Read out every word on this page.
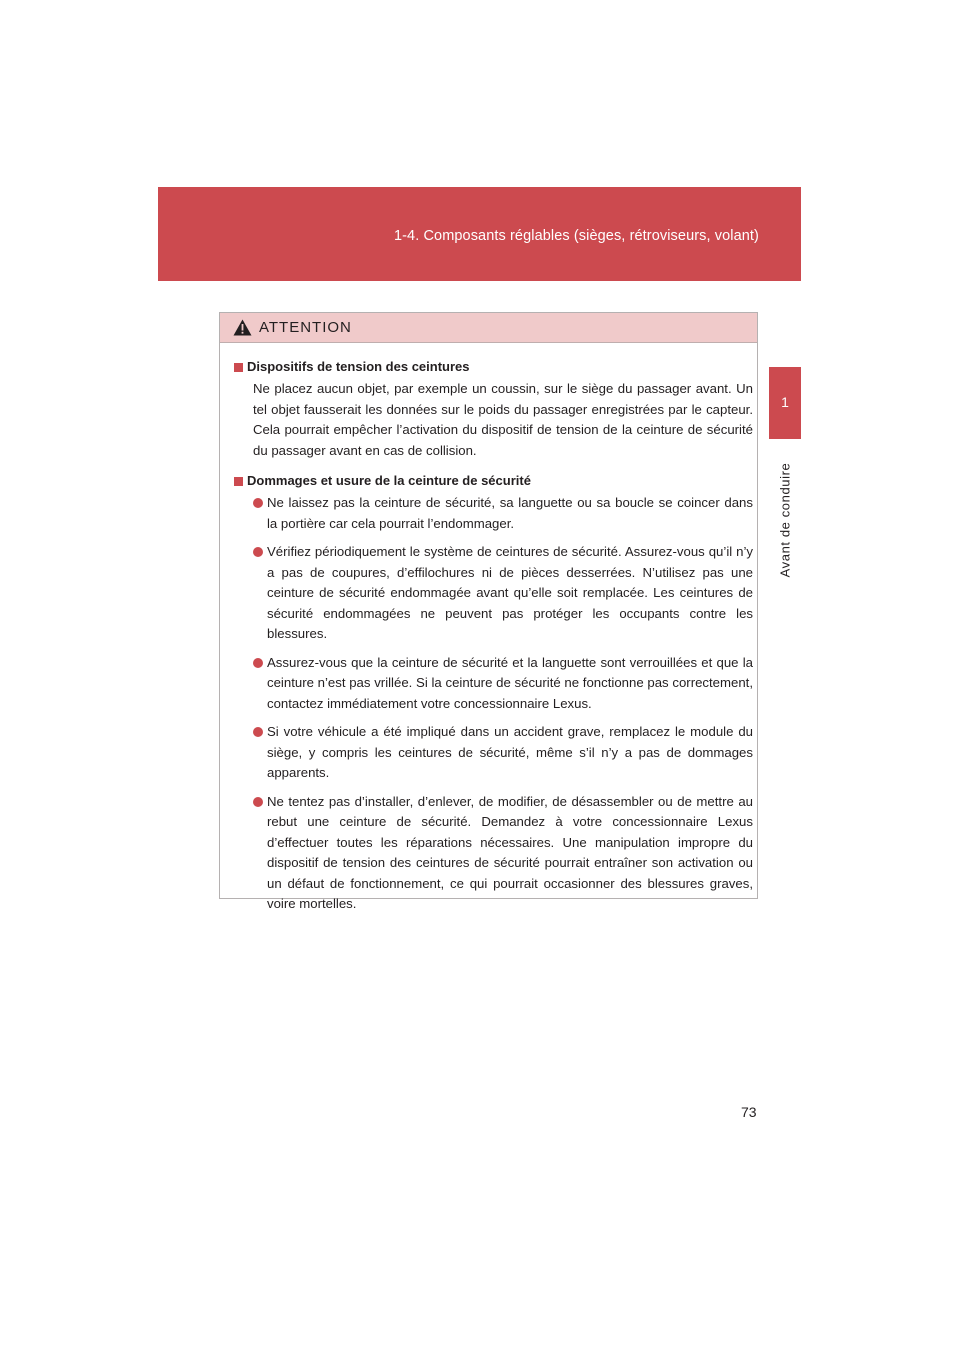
1-4. Composants réglables (sièges, rétroviseurs, volant)
1
Avant de conduire
ATTENTION
Dispositifs de tension des ceintures

Ne placez aucun objet, par exemple un coussin, sur le siège du passager avant. Un tel objet fausserait les données sur le poids du passager enregistrées par le capteur. Cela pourrait empêcher l’activation du dispositif de tension de la ceinture de sécurité du passager avant en cas de collision.

Dommages et usure de la ceinture de sécurité
Ne laissez pas la ceinture de sécurité, sa languette ou sa boucle se coincer dans la portière car cela pourrait l’endommager.
Vérifiez périodiquement le système de ceintures de sécurité. Assurez-vous qu’il n’y a pas de coupures, d’effilochures ni de pièces desserrées. N’utilisez pas une ceinture de sécurité endommagée avant qu’elle soit remplacée. Les ceintures de sécurité endommagées ne peuvent pas protéger les occupants contre les blessures.
Assurez-vous que la ceinture de sécurité et la languette sont verrouillées et que la ceinture n’est pas vrillée. Si la ceinture de sécurité ne fonctionne pas correctement, contactez immédiatement votre concessionnaire Lexus.
Si votre véhicule a été impliqué dans un accident grave, remplacez le module du siège, y compris les ceintures de sécurité, même s’il n’y a pas de dommages apparents.
Ne tentez pas d’installer, d’enlever, de modifier, de désassembler ou de mettre au rebut une ceinture de sécurité. Demandez à votre concessionnaire Lexus d’effectuer toutes les réparations nécessaires. Une manipulation impropre du dispositif de tension des ceintures de sécurité pourrait entraîner son activation ou un défaut de fonctionnement, ce qui pourrait occasionner des blessures graves, voire mortelles.
73
